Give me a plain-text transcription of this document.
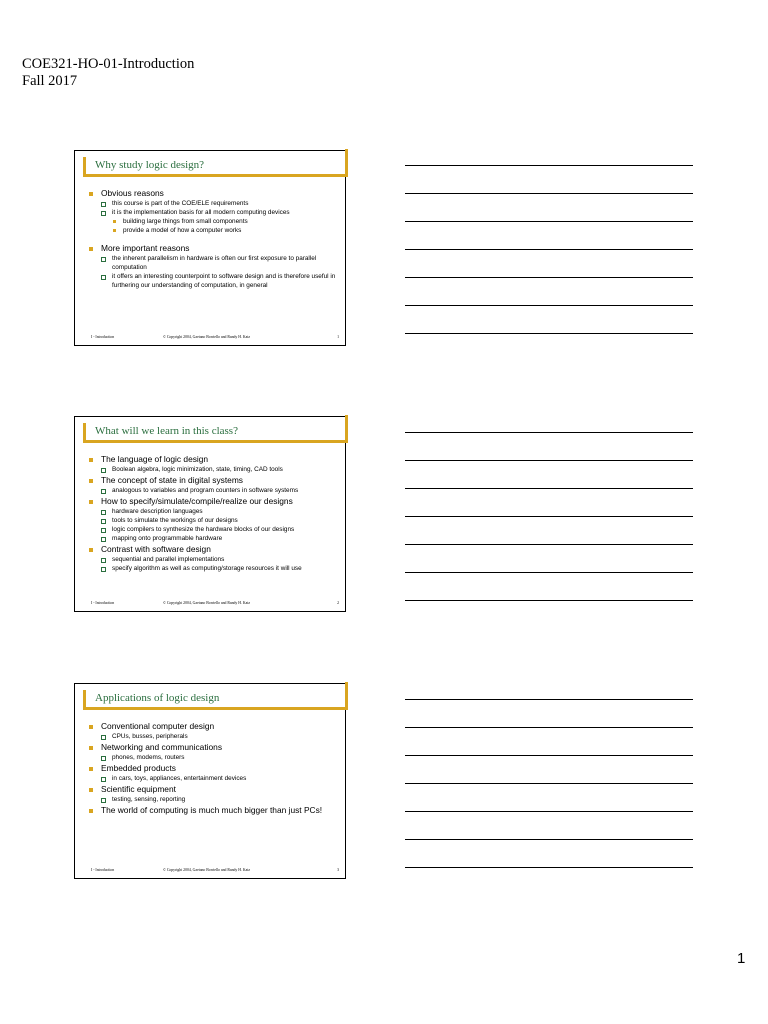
COE321-HO-01-Introduction
Fall 2017
Why study logic design?
Obvious reasons
this course is part of the COE/ELE requirements
it is the implementation basis for all modern computing devices
building large things from small components
provide a model of how a computer works
More important reasons
the inherent parallelism in hardware is often our first exposure to parallel computation
it offers an interesting counterpoint to software design and is therefore useful in furthering our understanding of computation, in general
I - Introduction	© Copyright 2004, Gaetano Borriello and Randy H. Katz	1
What will we learn in this class?
The language of logic design
Boolean algebra, logic minimization, state, timing, CAD tools
The concept of state in digital systems
analogous to variables and program counters in software systems
How to specify/simulate/compile/realize our designs
hardware description languages
tools to simulate the workings of our designs
logic compilers to synthesize the hardware blocks of our designs
mapping onto programmable hardware
Contrast with software design
sequential and parallel implementations
specify algorithm as well as computing/storage resources it will use
I - Introduction	© Copyright 2004, Gaetano Borriello and Randy H. Katz	2
Applications of logic design
Conventional computer design
CPUs, busses, peripherals
Networking and communications
phones, modems, routers
Embedded products
in cars, toys, appliances, entertainment devices
Scientific equipment
testing, sensing, reporting
The world of computing is much much bigger than just PCs!
I - Introduction	© Copyright 2004, Gaetano Borriello and Randy H. Katz	3
1
